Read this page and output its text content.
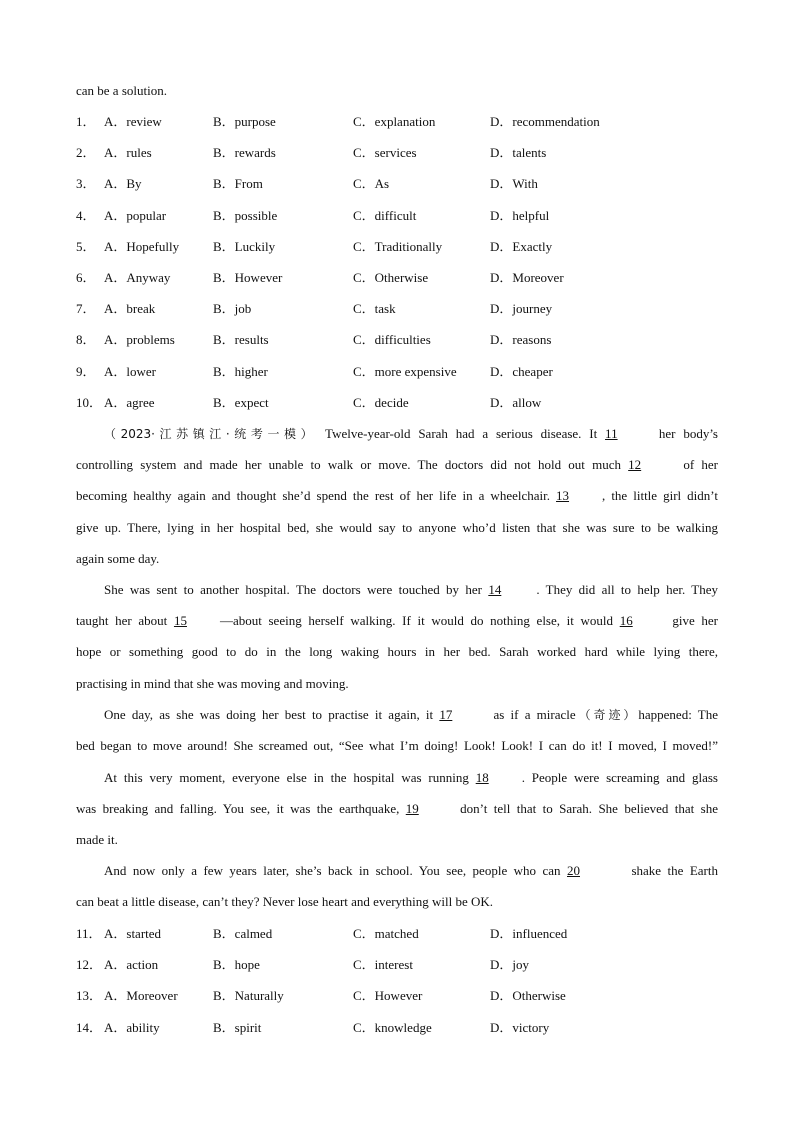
can be a solution.
1． A．review	B．purpose	C．explanation	D．recommendation
2． A．rules	B．rewards	C．services	D．talents
3． A．By	B．From	C．As	D．With
4． A．popular	B．possible	C．difficult	D．helpful
5． A．Hopefully	B．Luckily	C．Traditionally	D．Exactly
6． A．Anyway	B．However	C．Otherwise	D．Moreover
7． A．break	B．job	C．task	D．journey
8． A．problems	B．results	C．difficulties	D．reasons
9． A．lower	B．higher	C．more expensive	D．cheaper
10． A．agree	B．expect	C．decide	D．allow
（2023·江苏镇江·统考一模） Twelve-year-old Sarah had a serious disease. It 11	her body’s
controlling system and made her unable to walk or move. The doctors did not hold out much 12	of her
becoming healthy again and thought she’d spend the rest of her life in a wheelchair. 13	, the little girl didn’t
give up. There, lying in her hospital bed, she would say to anyone who’d listen that she was sure to be walking
again some day.
She was sent to another hospital. The doctors were touched by her 14	. They did all to help her. They
taught her about 15	—about seeing herself walking. If it would do nothing else, it would 16	give her
hope or something good to do in the long waking hours in her bed. Sarah worked hard while lying there,
practising in mind that she was moving and moving.
One day, as she was doing her best to practise it again, it 17	as if a miracle（奇迹）happened: The
bed began to move around! She screamed out, “See what I’m doing! Look! Look! I can do it! I moved, I moved!”
At this very moment, everyone else in the hospital was running 18	. People were screaming and glass
was breaking and falling. You see, it was the earthquake, 19	don’t tell that to Sarah. She believed that she
made it.
And now only a few years later, she’s back in school. You see, people who can 20	shake the Earth
can beat a little disease, can’t they? Never lose heart and everything will be OK.
11． A．started	B．calmed	C．matched	D．influenced
12． A．action	B．hope	C．interest	D．joy
13． A．Moreover	B．Naturally	C．However	D．Otherwise
14． A．ability	B．spirit	C．knowledge	D．victory
